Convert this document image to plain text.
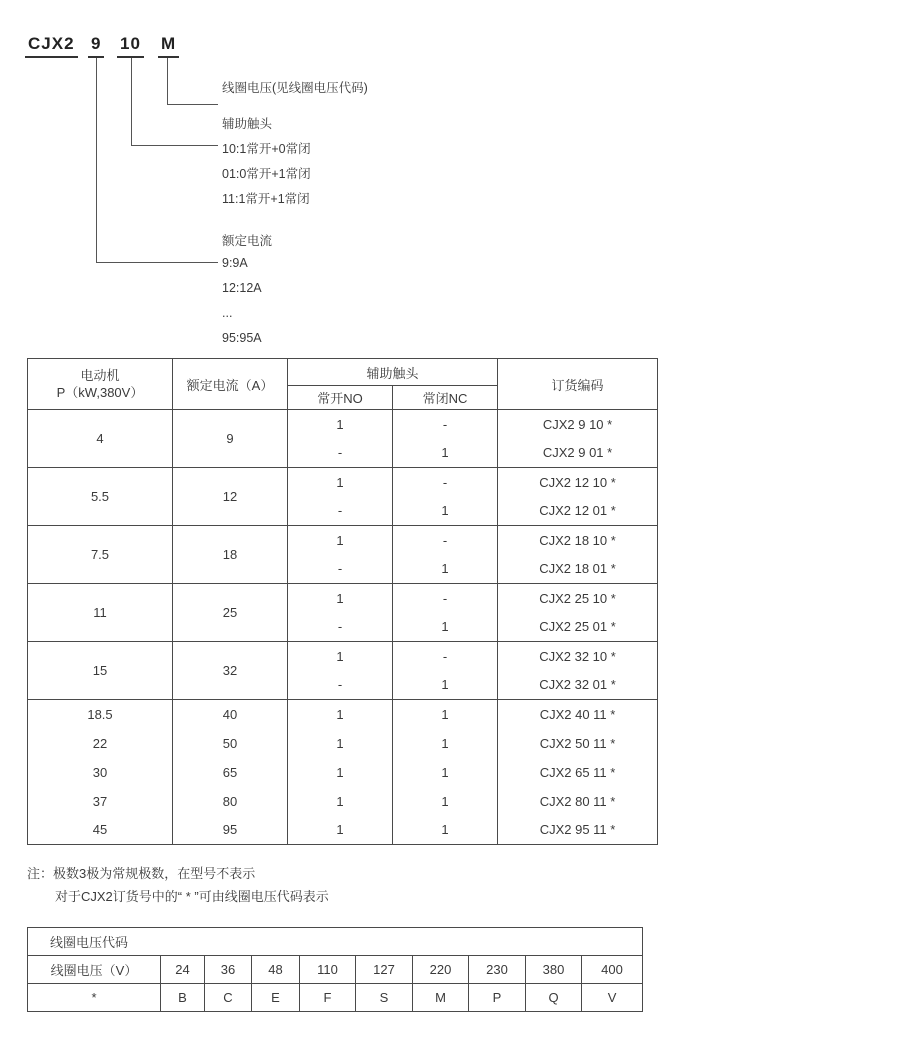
CJX2 9 10 M
线圈电压(见线圈电压代码)
辅助触头
10:1常开+0常闭
01:0常开+1常闭
11:1常开+1常闭
额定电流
9:9A
12:12A
...
95:95A
电动机
P（kW,380V）	额定电流（A）	辅助触头		订货编码
		常开NO	常闭NC	
4	9	1	-	CJX2 9 10 *
		-	1	CJX2 9 01 *
5.5	12	1	-	CJX2 12 10 *
		-	1	CJX2 12 01 *
7.5	18	1	-	CJX2 18 10 *
		-	1	CJX2 18 01 *
11	25	1	-	CJX2 25 10 *
		-	1	CJX2 25 01 *
15	32	1	-	CJX2 32 10 *
		-	1	CJX2 32 01 *
18.5	40	1	1	CJX2 40 11 *
22	50	1	1	CJX2 50 11 *
30	65	1	1	CJX2 65 11 *
37	80	1	1	CJX2 80 11 *
45	95	1	1	CJX2 95 11 *
注：极数3极为常规极数，在型号不表示
对于CJX2订货号中的“ * ”可由线圈电压代码表示
线圈电压代码									
线圈电压（V）	24	36	48	110	127	220	230	380	400
*	B	C	E	F	S	M	P	Q	V
